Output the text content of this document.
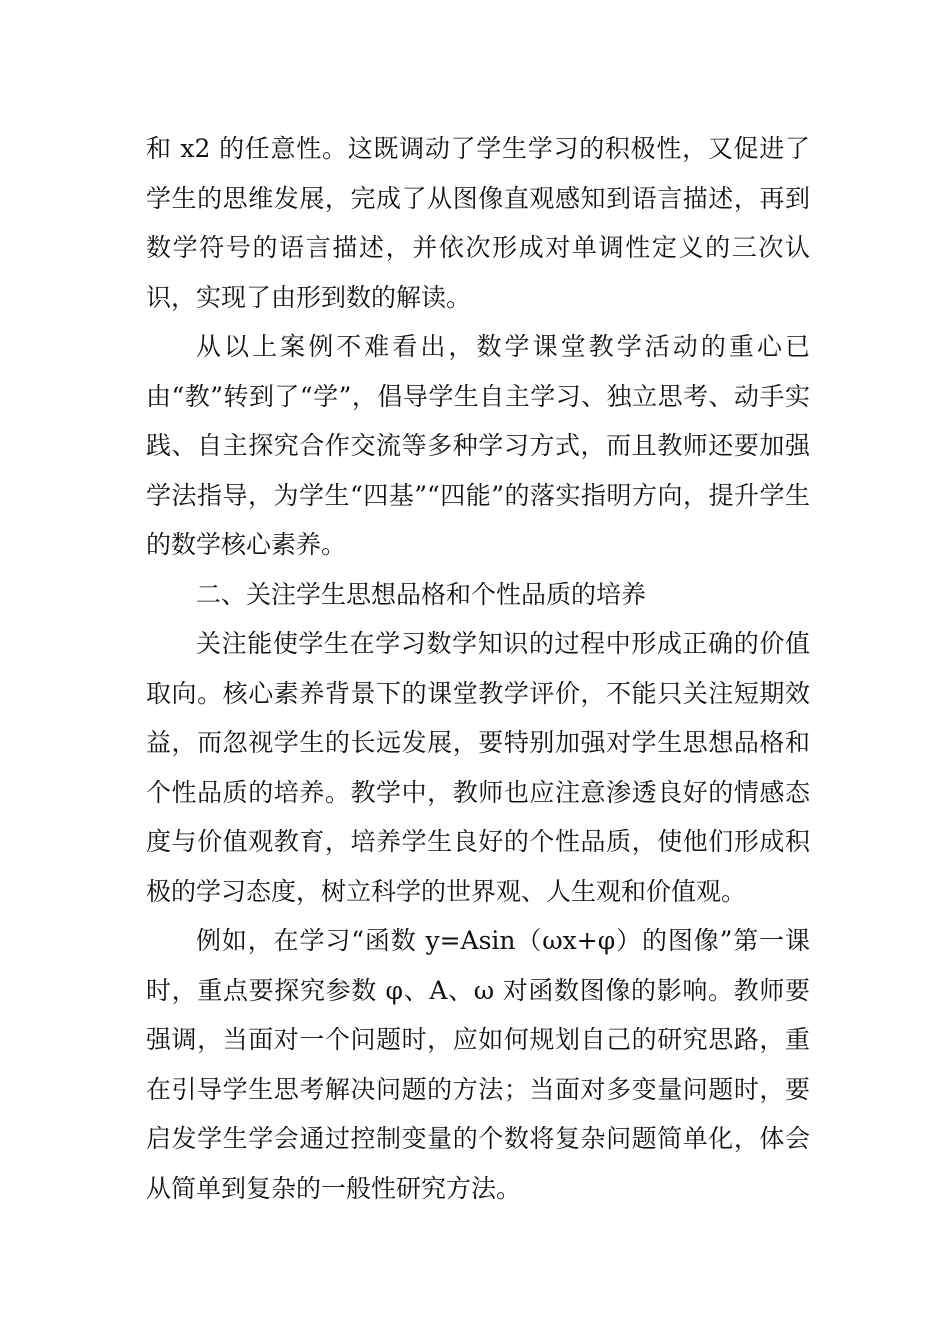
和 x2 的任意性。这既调动了学生学习的积极性，又促进了学生的思维发展，完成了从图像直观感知到语言描述，再到数学符号的语言描述，并依次形成对单调性定义的三次认识，实现了由形到数的解读。

从以上案例不难看出，数学课堂教学活动的重心已由“教”转到了“学”，倡导学生自主学习、独立思考、动手实践、自主探究合作交流等多种学习方式，而且教师还要加强学法指导，为学生“四基”“四能”的落实指明方向，提升学生的数学核心素养。

二、关注学生思想品格和个性品质的培养

关注能使学生在学习数学知识的过程中形成正确的价值取向。核心素养背景下的课堂教学评价，不能只关注短期效益，而忽视学生的长远发展，要特别加强对学生思想品格和个性品质的培养。教学中，教师也应注意渗透良好的情感态度与价值观教育，培养学生良好的个性品质，使他们形成积极的学习态度，树立科学的世界观、人生观和价值观。

例如，在学习“函数 y=Asin（ωx+φ）的图像”第一课时，重点要探究参数 φ、A、ω 对函数图像的影响。教师要强调，当面对一个问题时，应如何规划自己的研究思路，重在引导学生思考解决问题的方法；当面对多变量问题时，要启发学生学会通过控制变量的个数将复杂问题简单化，体会从简单到复杂的一般性研究方法。
